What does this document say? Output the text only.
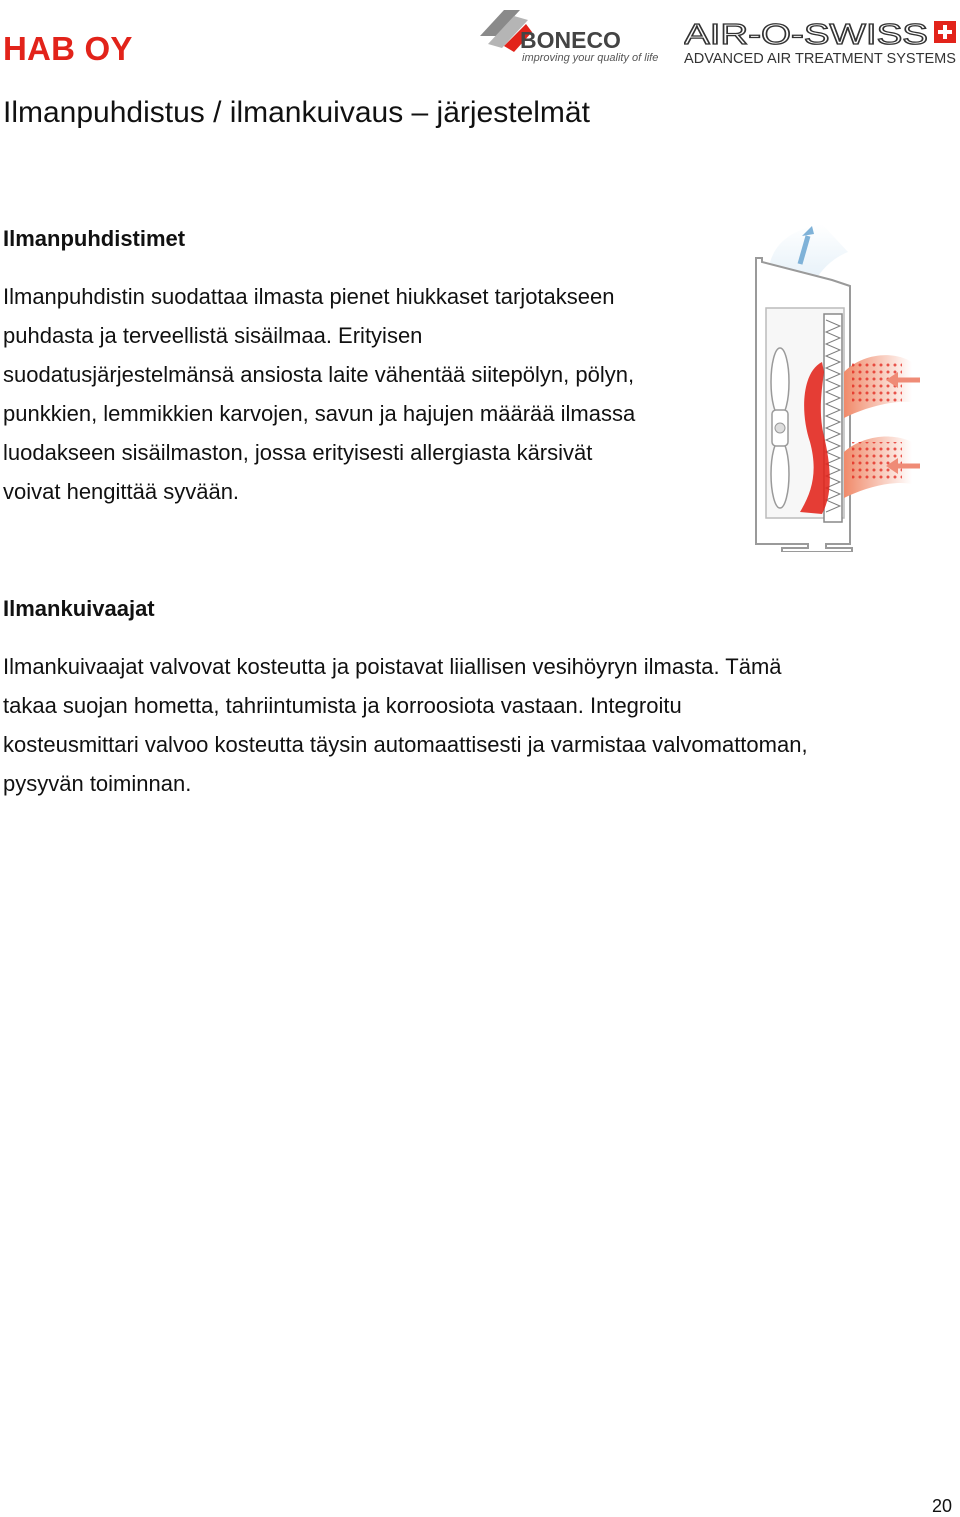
HAB OY	BONECO
improving your quality of life
AIR-O-SWISS
ADVANCED AIR TREATMENT SYSTEMS
Ilmanpuhdistus / ilmankuivaus – järjestelmät
Ilmanpuhdistimet
Ilmanpuhdistin suodattaa ilmasta pienet hiukkaset tarjotakseen
puhdasta ja terveellistä sisäilmaa. Erityisen
suodatusjärjestelmänsä ansiosta laite vähentää siitepölyn, pölyn,
punkkien, lemmikkien karvojen, savun ja hajujen määrää ilmassa
luodakseen sisäilmaston, jossa erityisesti allergiasta kärsivät
voivat hengittää syvään.
Ilmankuivaajat
Ilmankuivaajat valvovat kosteutta ja poistavat liiallisen vesihöyryn ilmasta. Tämä
takaa suojan hometta, tahriintumista ja korroosiota vastaan. Integroitu
kosteusmittari valvoo kosteutta täysin automaattisesti ja varmistaa valvomattoman,
pysyvän toiminnan.
20
